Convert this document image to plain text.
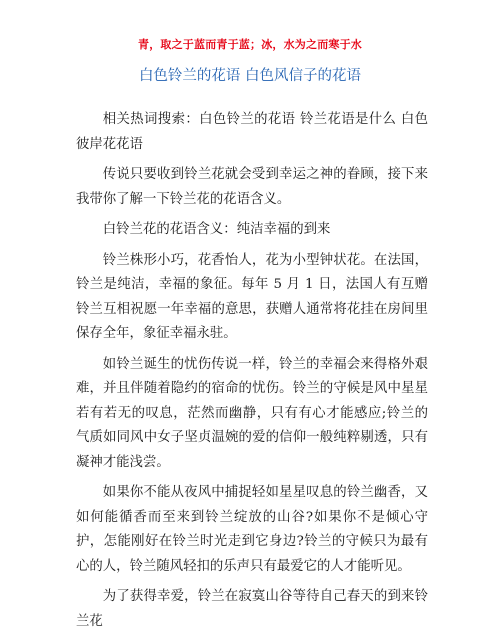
青，取之于蓝而青于蓝；冰，水为之而寒于水
白色铃兰的花语 白色风信子的花语

相关热词搜索：白色铃兰的花语 铃兰花语是什么 白色彼岸花花语

传说只要收到铃兰花就会受到幸运之神的眷顾，接下来我带你了解一下铃兰花的花语含义。

白铃兰花的花语含义：纯洁幸福的到来

铃兰株形小巧，花香怡人，花为小型钟状花。在法国，铃兰是纯洁，幸福的象征。每年 5 月 1 日，法国人有互赠铃兰互相祝愿一年幸福的意思，获赠人通常将花挂在房间里保存全年，象征幸福永驻。

如铃兰诞生的忧伤传说一样，铃兰的幸福会来得格外艰难，并且伴随着隐约的宿命的忧伤。铃兰的守候是风中星星若有若无的叹息，茫然而幽静，只有有心才能感应;铃兰的气质如同风中女子坚贞温婉的爱的信仰一般纯粹剔透，只有凝神才能浅尝。

如果你不能从夜风中捕捉轻如星星叹息的铃兰幽香，又如何能循香而至来到铃兰绽放的山谷?如果你不是倾心守护，怎能刚好在铃兰时光走到它身边?铃兰的守候只为最有心的人，铃兰随风轻扣的乐声只有最爱它的人才能听见。

为了获得幸爱，铃兰在寂寞山谷等待自己春天的到来铃兰花
